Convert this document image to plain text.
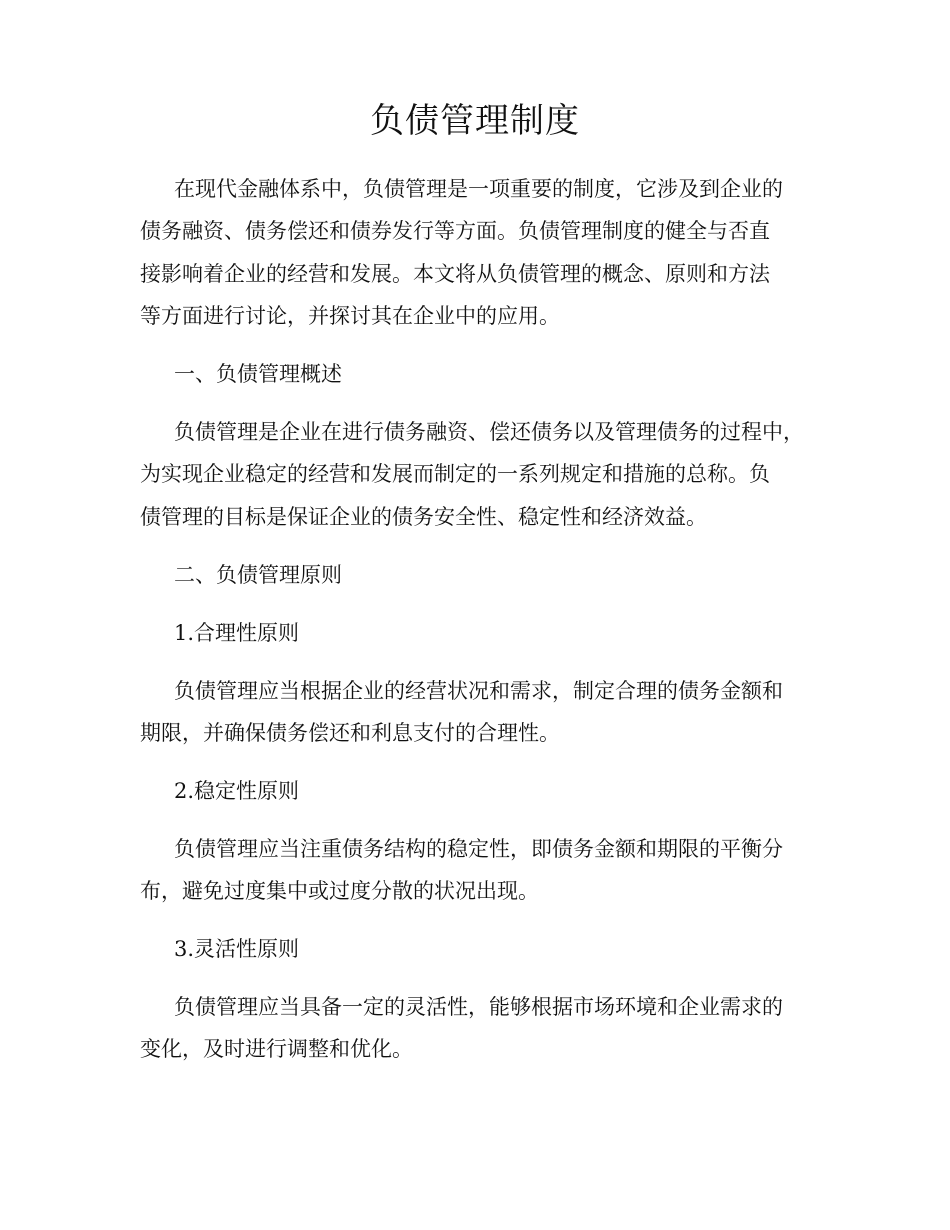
负债管理制度
在现代金融体系中，负债管理是一项重要的制度，它涉及到企业的
债务融资、债务偿还和债券发行等方面。负债管理制度的健全与否直
接影响着企业的经营和发展。本文将从负债管理的概念、原则和方法
等方面进行讨论，并探讨其在企业中的应用。
一、负债管理概述
负债管理是企业在进行债务融资、偿还债务以及管理债务的过程中，
为实现企业稳定的经营和发展而制定的一系列规定和措施的总称。负
债管理的目标是保证企业的债务安全性、稳定性和经济效益。
二、负债管理原则
1.合理性原则
负债管理应当根据企业的经营状况和需求，制定合理的债务金额和
期限，并确保债务偿还和利息支付的合理性。
2.稳定性原则
负债管理应当注重债务结构的稳定性，即债务金额和期限的平衡分
布，避免过度集中或过度分散的状况出现。
3.灵活性原则
负债管理应当具备一定的灵活性，能够根据市场环境和企业需求的
变化，及时进行调整和优化。
